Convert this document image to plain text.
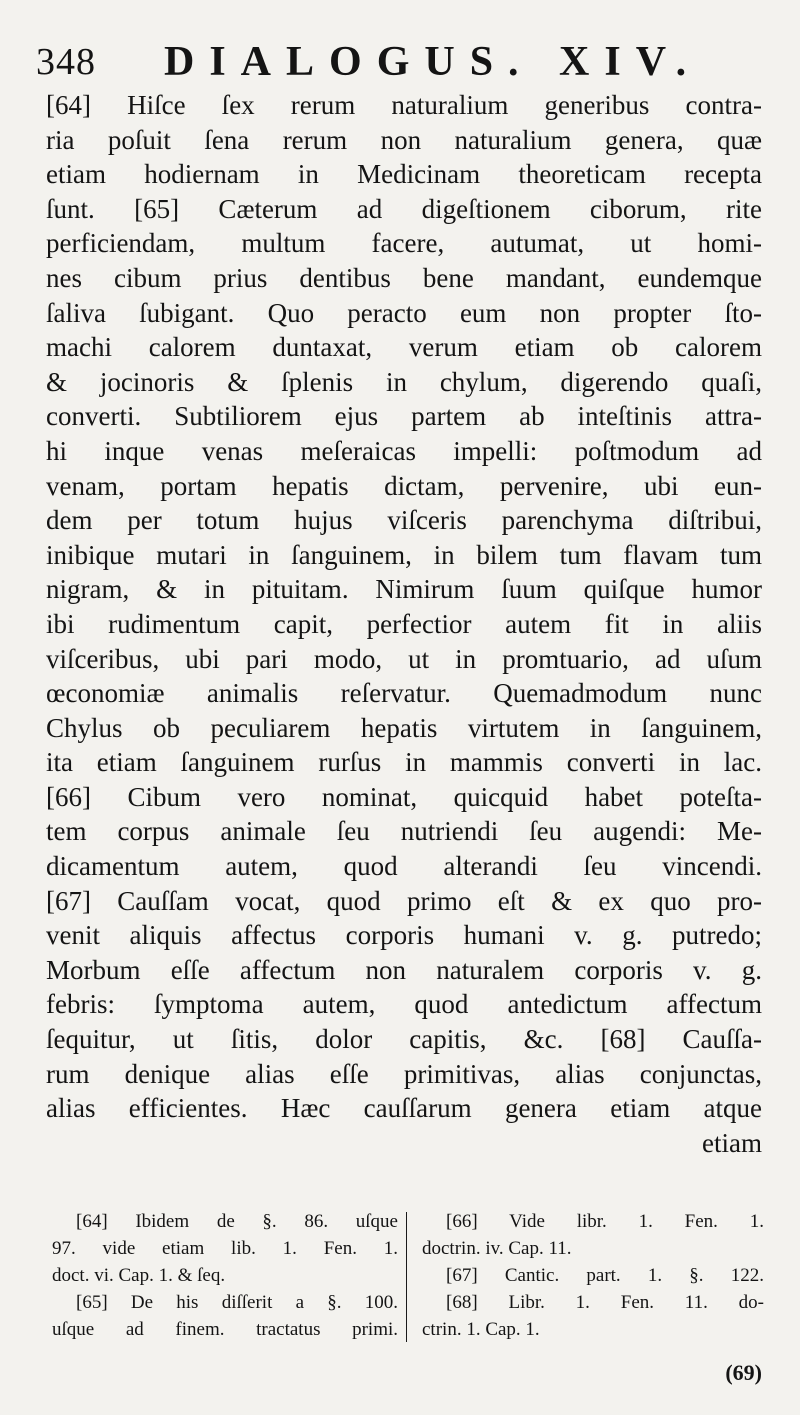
348 DIALOGUS. XIV.
[64] Hiſce ſex rerum naturalium generibus contra-
ria poſuit ſena rerum non naturalium genera, quæ
etiam hodiernam in Medicinam theoreticam recepta
ſunt. [65] Cæterum ad digeſtionem ciborum, rite
perficiendam, multum facere, autumat, ut homi-
nes cibum prius dentibus bene mandant, eundemque
ſaliva ſubigant. Quo peracto eum non propter ſto-
machi calorem duntaxat, verum etiam ob calorem
& jocinoris & ſplenis in chylum, digerendo quaſi,
converti. Subtiliorem ejus partem ab inteſtinis attra-
hi inque venas meſeraicas impelli: poſtmodum ad
venam, portam hepatis dictam, pervenire, ubi eun-
dem per totum hujus viſceris parenchyma diſtribui,
inibique mutari in ſanguinem, in bilem tum flavam tum
nigram, & in pituitam. Nimirum ſuum quiſque humor
ibi rudimentum capit, perfectior autem fit in aliis
viſceribus, ubi pari modo, ut in promtuario, ad uſum
œconomiæ animalis reſervatur. Quemadmodum nunc
Chylus ob peculiarem hepatis virtutem in ſanguinem,
ita etiam ſanguinem rurſus in mammis converti in lac.
[66] Cibum vero nominat, quicquid habet poteſta-
tem corpus animale ſeu nutriendi ſeu augendi: Me-
dicamentum autem, quod alterandi ſeu vincendi.
[67] Cauſſam vocat, quod primo eſt & ex quo pro-
venit aliquis affectus corporis humani v. g. putredo;
Morbum eſſe affectum non naturalem corporis v. g.
febris: ſymptoma autem, quod antedictum affectum
ſequitur, ut ſitis, dolor capitis, &c. [68] Cauſſa-
rum denique alias eſſe primitivas, alias conjunctas,
alias efficientes. Hæc cauſſarum genera etiam atque
etiam
[64] Ibidem de §. 86. uſque
97. vide etiam lib. 1. Fen. 1.
doct. vi. Cap. 1. & ſeq.
[65] De his diſſerit a §. 100.
uſque ad finem. tractatus primi.
[66] Vide libr. 1. Fen. 1.
doctrin. iv. Cap. 11.
[67] Cantic. part. 1. §. 122.
[68] Libr. 1. Fen. 11. do-
ctrin. 1. Cap. 1.
(69)
